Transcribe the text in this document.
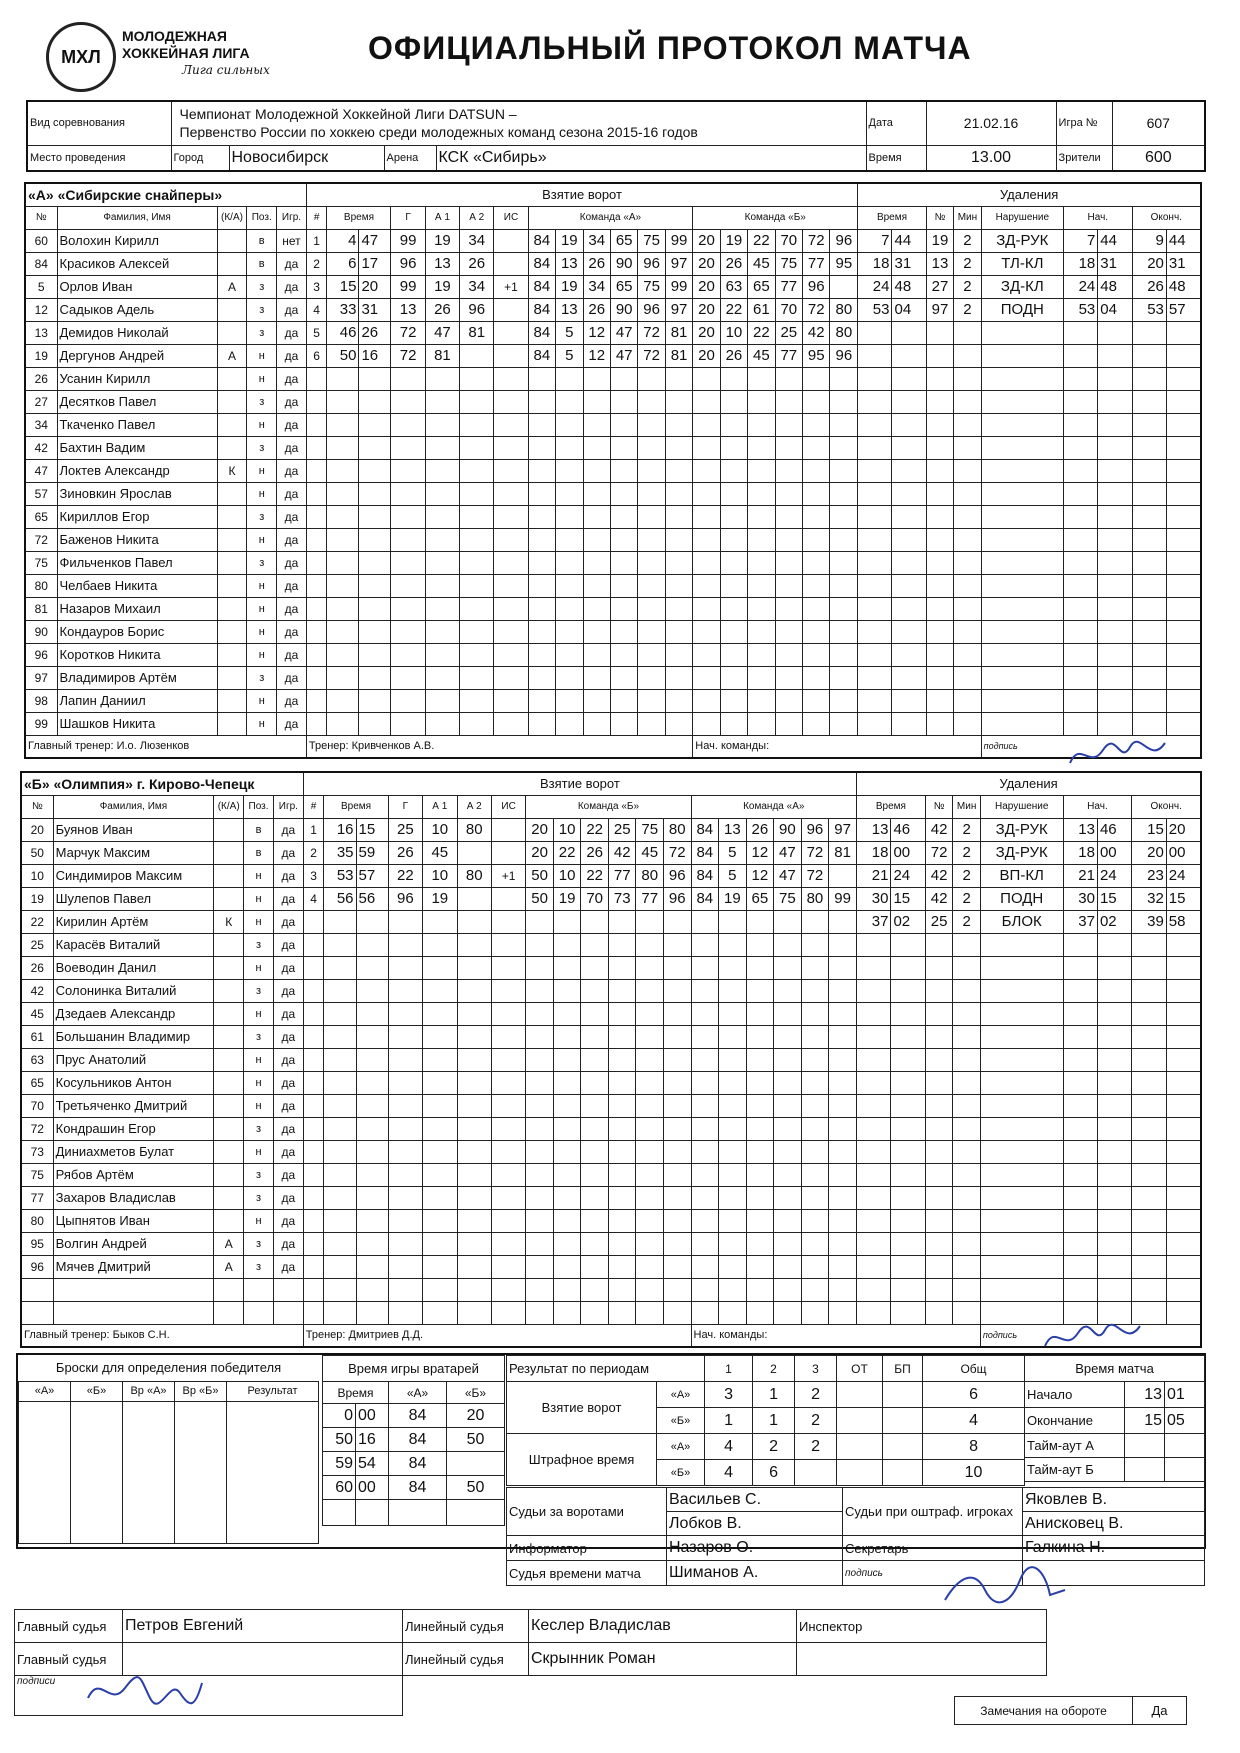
МХЛ
МОЛОДЕЖНАЯ
ХОККЕЙНАЯ ЛИГА
Лига сильных
ОФИЦИАЛЬНЫЙ ПРОТОКОЛ МАТЧА
Вид соревнования	Чемпионат Молодежной Хоккейной Лиги DATSUN –
Первенство России по хоккею среди молодежных команд сезона 2015-16 годов				Дата	21.02.16	Игра №	607
Место проведения	Город	Новосибирск	Арена	КСК «Сибирь»	Время	13.00	Зрители	600
«А» «Сибирские снайперы»					Взятие ворот																			Удаления								
№	Фамилия, Имя	(К/А)	Поз.	Игр.	#	Время		Г	А 1	А 2	ИС	Команда «А»						Команда «Б»						Время		№	Мин	Нарушение	Нач.		Оконч.	
60	Волохин Кирилл		в	нет	1	4	47	99	19	34		84	19	34	65	75	99	20	19	22	70	72	96	7	44	19	2	ЗД-РУК	7	44	9	44
84	Красиков Алексей		в	да	2	6	17	96	13	26		84	13	26	90	96	97	20	26	45	75	77	95	18	31	13	2	ТЛ-КЛ	18	31	20	31
5	Орлов Иван	А	з	да	3	15	20	99	19	34	+1	84	19	34	65	75	99	20	63	65	77	96		24	48	27	2	ЗД-КЛ	24	48	26	48
12	Садыков Адель		з	да	4	33	31	13	26	96		84	13	26	90	96	97	20	22	61	70	72	80	53	04	97	2	ПОДН	53	04	53	57
13	Демидов Николай		з	да	5	46	26	72	47	81		84	5	12	47	72	81	20	10	22	25	42	80									
19	Дергунов Андрей	А	н	да	6	50	16	72	81			84	5	12	47	72	81	20	26	45	77	95	96									
26	Усанин Кирилл		н	да																												
27	Десятков Павел		з	да																												
34	Ткаченко Павел		н	да																												
42	Бахтин Вадим		з	да																												
47	Локтев Александр	К	н	да																												
57	Зиновкин Ярослав		н	да																												
65	Кириллов Егор		з	да																												
72	Баженов Никита		н	да																												
75	Фильченков Павел		з	да																												
80	Челбаев Никита		н	да																												
81	Назаров Михаил		н	да																												
90	Кондауров Борис		н	да																												
96	Коротков Никита		н	да																												
97	Владимиров Артём		з	да																												
98	Лапин Даниил		н	да																												
99	Шашков Никита		н	да																												
Главный тренер: И.о. Люзенков					Тренер: Кривченков А.В.													Нач. команды:										подпись				
«Б» «Олимпия» г. Кирово-Чепецк					Взятие ворот																			Удаления								
№	Фамилия, Имя	(К/А)	Поз.	Игр.	#	Время		Г	А 1	А 2	ИС	Команда «Б»						Команда «А»						Время		№	Мин	Нарушение	Нач.		Оконч.	
20	Буянов Иван		в	да	1	16	15	25	10	80		20	10	22	25	75	80	84	13	26	90	96	97	13	46	42	2	ЗД-РУК	13	46	15	20
50	Марчук Максим		в	да	2	35	59	26	45			20	22	26	42	45	72	84	5	12	47	72	81	18	00	72	2	ЗД-РУК	18	00	20	00
10	Синдимиров Максим		н	да	3	53	57	22	10	80	+1	50	10	22	77	80	96	84	5	12	47	72		21	24	42	2	ВП-КЛ	21	24	23	24
19	Шулепов Павел		н	да	4	56	56	96	19			50	19	70	73	77	96	84	19	65	75	80	99	30	15	42	2	ПОДН	30	15	32	15
22	Кирилин Артём	К	н	да																				37	02	25	2	БЛОК	37	02	39	58
25	Карасёв Виталий		з	да																												
26	Воеводин Данил		н	да																												
42	Солонинка Виталий		з	да																												
45	Дзедаев Александр		н	да																												
61	Большанин Владимир		з	да																												
63	Прус Анатолий		н	да																												
65	Косульников Антон		н	да																												
70	Третьяченко Дмитрий		н	да																												
72	Кондрашин Егор		з	да																												
73	Диниахметов Булат		н	да																												
75	Рябов Артём		з	да																												
77	Захаров Владислав		з	да																												
80	Цыпнятов Иван		н	да																												
95	Волгин Андрей	А	з	да																												
96	Мячев Дмитрий	А	з	да																												

Главный тренер: Быков С.Н.					Тренер: Дмитриев Д.Д.													Нач. команды:										подпись				
Броски для определения победителя				
«А»	«Б»	Вр «А»	Вр «Б»	Результат

Время игры вратарей			
Время		«А»	«Б»
0	00	84	20
50	16	84	50
59	54	84	
60	00	84	50

Результат по периодам		1	2	3	ОТ	БП	Общ
Взятие ворот	«А»	3	1	2			6
	«Б»	1	1	2			4
Штрафное время	«А»	4	2	2			8
	«Б»	4	6				10
Время матча		
Начало	13	01
Окончание	15	05
Тайм-аут А		
Тайм-аут Б		
Судьи за воротами	Васильев С.	Судьи при оштраф. игроках	Яковлев В.
	Лобков В.		Анисковец В.
Информатор	Назаров О.	Секретарь	Галкина Н.
Судья времени матча	Шиманов А.	подпись	
Главный судья	Петров Евгений	Линейный судья	Кеслер Владислав	Инспектор
Главный судья		Линейный судья	Скрынник Роман	
подписи				
Замечания на обороте	Да
